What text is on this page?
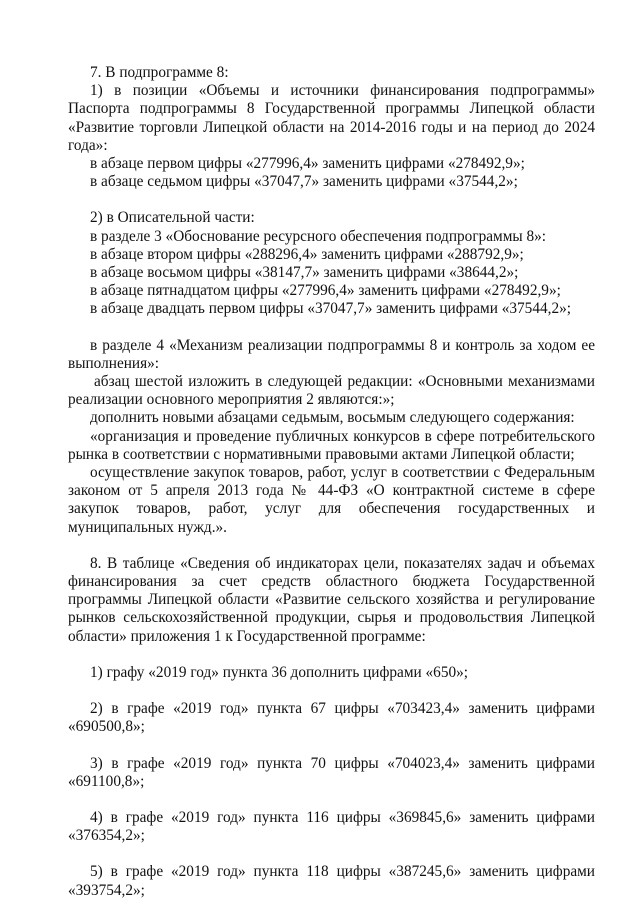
7. В подпрограмме 8:

1) в позиции «Объемы и источники финансирования подпрограммы» Паспорта подпрограммы 8 Государственной программы Липецкой области «Развитие торговли Липецкой области на 2014-2016 годы и на период до 2024 года»:

в абзаце первом цифры «277996,4» заменить цифрами «278492,9»;

в абзаце седьмом цифры «37047,7» заменить цифрами «37544,2»;

2) в Описательной части:

в разделе 3 «Обоснование ресурсного обеспечения подпрограммы 8»:

в абзаце втором цифры «288296,4» заменить цифрами «288792,9»;

в абзаце восьмом цифры «38147,7» заменить цифрами «38644,2»;

в абзаце пятнадцатом цифры «277996,4» заменить цифрами «278492,9»;

в абзаце двадцать первом цифры «37047,7» заменить цифрами «37544,2»;

в разделе 4 «Механизм реализации подпрограммы 8 и контроль за ходом ее выполнения»:

абзац шестой изложить в следующей редакции: «Основными механизмами реализации основного мероприятия 2 являются:»;

дополнить новыми абзацами седьмым, восьмым следующего содержания:

«организация и проведение публичных конкурсов в сфере потребительского рынка в соответствии с нормативными правовыми актами Липецкой области;

осуществление закупок товаров, работ, услуг в соответствии с Федеральным законом от 5 апреля 2013 года № 44-ФЗ «О контрактной системе в сфере закупок товаров, работ, услуг для обеспечения государственных и муниципальных нужд.».

8. В таблице «Сведения об индикаторах цели, показателях задач и объемах финансирования за счет средств областного бюджета Государственной программы Липецкой области «Развитие сельского хозяйства и регулирование рынков сельскохозяйственной продукции, сырья и продовольствия Липецкой области» приложения 1 к Государственной программе:

1) графу «2019 год» пункта 36 дополнить цифрами «650»;

2) в графе «2019 год» пункта 67 цифры «703423,4» заменить цифрами «690500,8»;

3) в графе «2019 год» пункта 70 цифры «704023,4» заменить цифрами «691100,8»;

4) в графе «2019 год» пункта 116 цифры «369845,6» заменить цифрами «376354,2»;

5) в графе «2019 год» пункта 118 цифры «387245,6» заменить цифрами «393754,2»;
